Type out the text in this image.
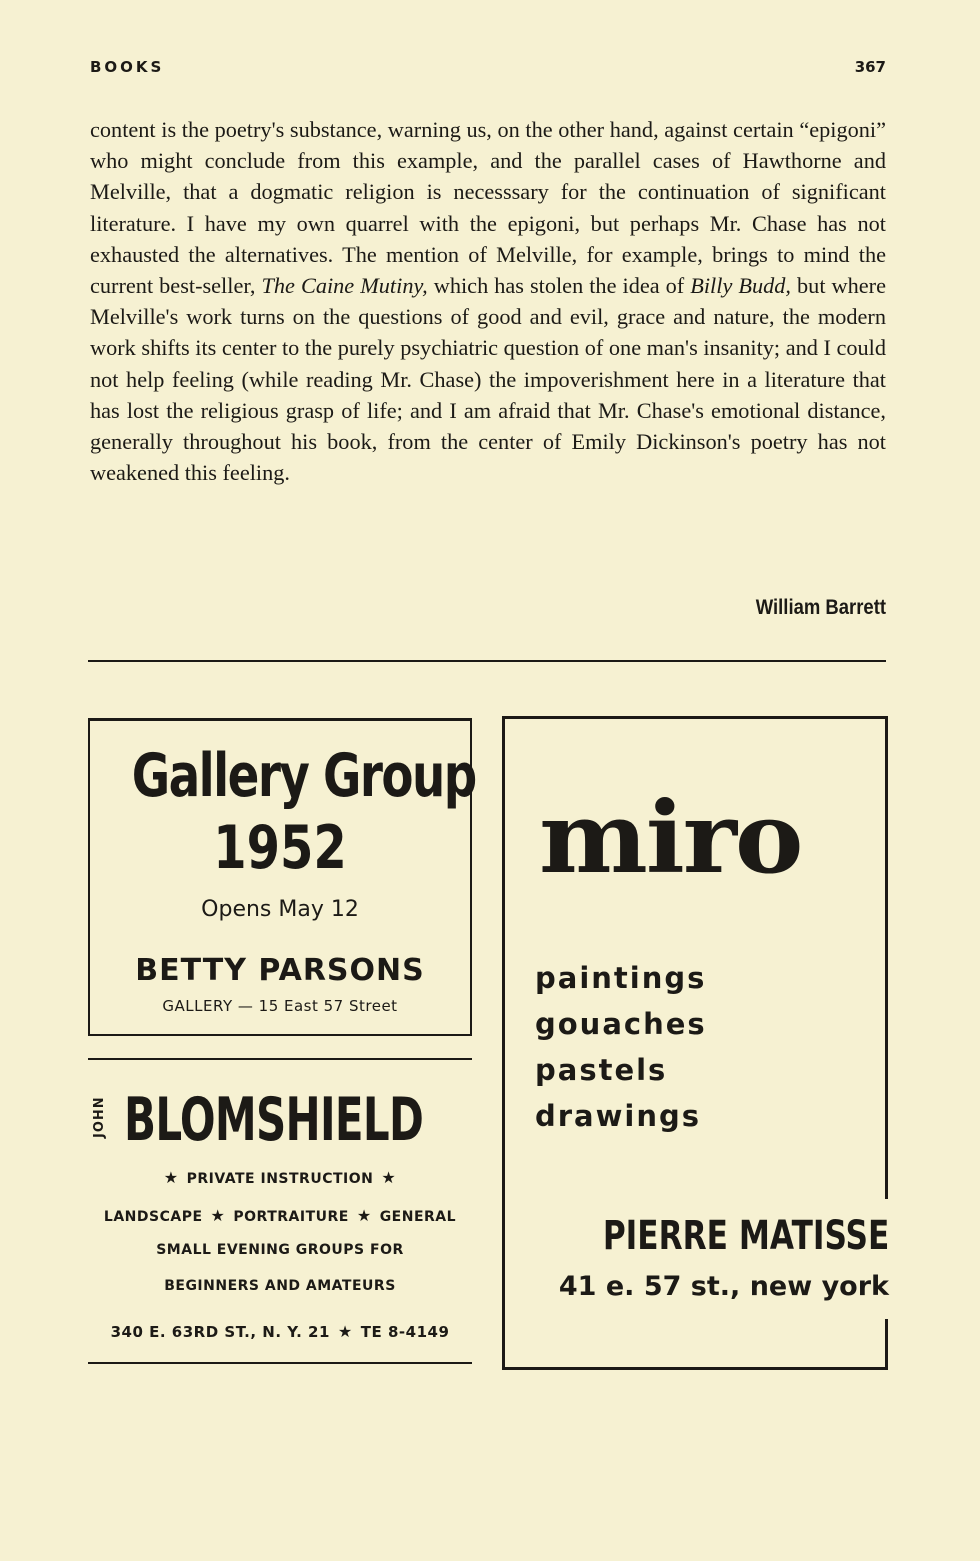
BOOKS	367
content is the poetry's substance, warning us, on the other hand, against certain “epigoni” who might conclude from this example, and the parallel cases of Hawthorne and Melville, that a dogmatic religion is necesssary for the continuation of significant literature. I have my own quarrel with the epigoni, but perhaps Mr. Chase has not exhausted the alternatives. The mention of Melville, for example, brings to mind the current best-seller, The Caine Mutiny, which has stolen the idea of Billy Budd, but where Melville's work turns on the questions of good and evil, grace and nature, the modern work shifts its center to the purely psychiatric question of one man's insanity; and I could not help feeling (while reading Mr. Chase) the impoverishment here in a literature that has lost the religious grasp of life; and I am afraid that Mr. Chase's emotional distance, generally throughout his book, from the center of Emily Dickinson's poetry has not weakened this feeling.
William Barrett
Gallery Group
1952
Opens May 12
BETTY PARSONS
GALLERY — 15 East 57 Street
JOHN BLOMSHIELD
★ PRIVATE INSTRUCTION ★
LANDSCAPE ★ PORTRAITURE ★ GENERAL
SMALL EVENING GROUPS FOR
BEGINNERS AND AMATEURS
340 E. 63RD ST., N. Y. 21 ★ TE 8-4149
miro
paintings
gouaches
pastels
drawings
PIERRE MATISSE
41 e. 57 st., new york
